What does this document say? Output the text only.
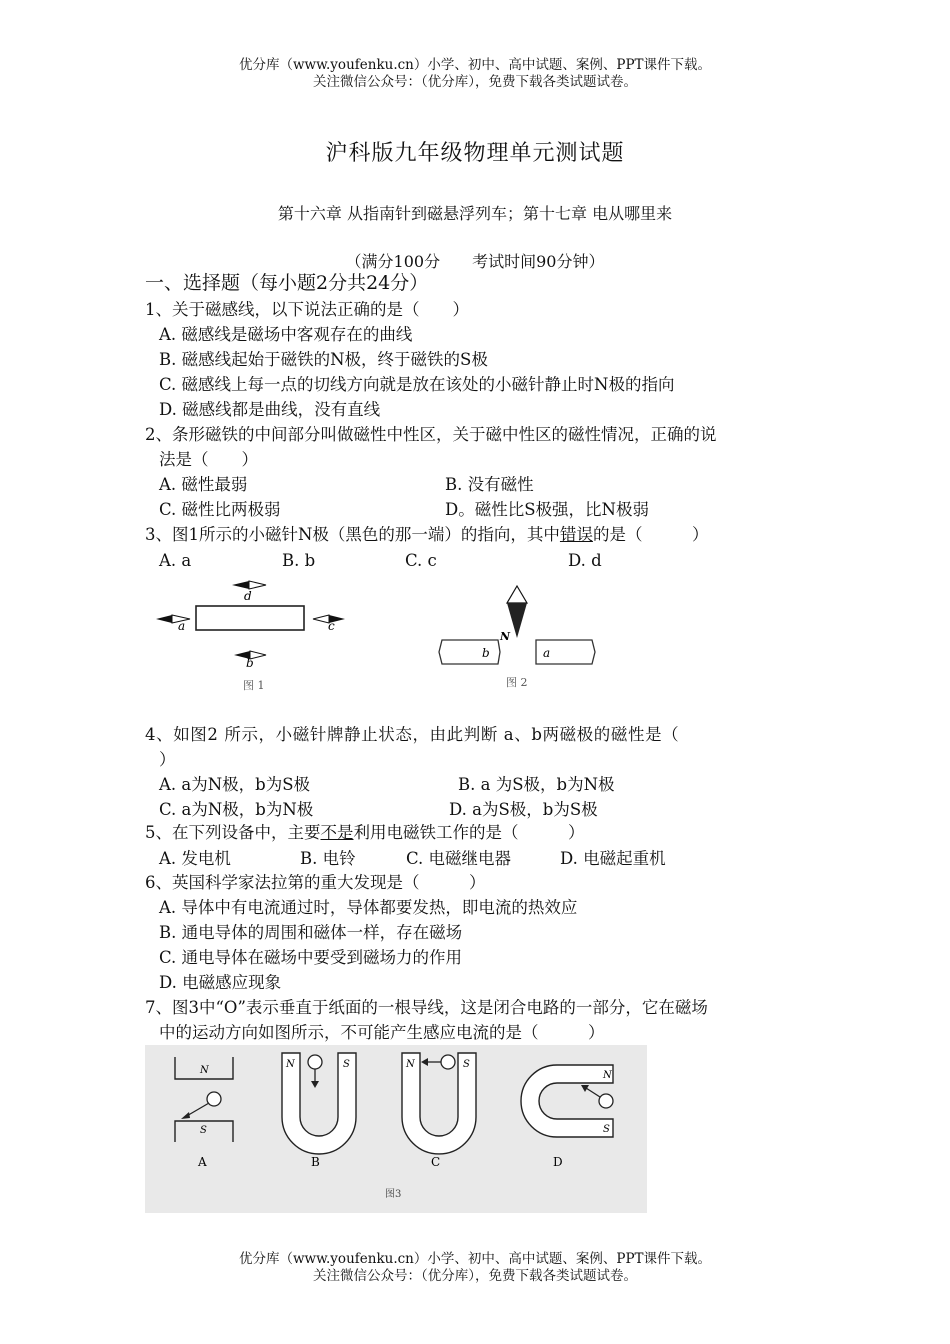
优分库（www.youfenku.cn）小学、初中、高中试题、案例、PPT课件下载。
关注微信公众号：（优分库），免费下载各类试题试卷。
沪科版九年级物理单元测试题
第十六章 从指南针到磁悬浮列车；第十七章 电从哪里来
（满分100分　　考试时间90分钟）
一、选择题（每小题2分共24分）
1、关于磁感线，以下说法正确的是（　　）
A. 磁感线是磁场中客观存在的曲线
B. 磁感线起始于磁铁的N极，终于磁铁的S极
C. 磁感线上每一点的切线方向就是放在该处的小磁针静止时N极的指向
D. 磁感线都是曲线，没有直线
2、条形磁铁的中间部分叫做磁性中性区，关于磁中性区的磁性情况，正确的说
法是（　　）
A. 磁性最弱	B. 没有磁性
C. 磁性比两极弱	D。磁性比S极强，比N极弱
3、图1所示的小磁针N极（黑色的那一端）的指向，其中错误的是（　　　）
A. a	B. b	C. c	D. d
d
a	c
b
图 1
N
b	a
图 2
4、如图2 所示，小磁针牌静止状态，由此判断 a、b两磁极的磁性是（
）
A. a为N极，b为S极	B. a 为S极，b为N极
C. a为N极，b为N极	D. a为S极，b为S极
5、在下列设备中，主要不是利用电磁铁工作的是（　　　）
A. 发电机	B. 电铃	C. 电磁继电器	D. 电磁起重机
6、英国科学家法拉第的重大发现是（　　　）
A. 导体中有电流通过时，导体都要发热，即电流的热效应
B. 通电导体的周围和磁体一样，存在磁场
C. 通电导体在磁场中要受到磁场力的作用
D. 电磁感应现象
7、图3中“O”表示垂直于纸面的一根导线，这是闭合电路的一部分，它在磁场
中的运动方向如图所示，不可能产生感应电流的是（　　　）
N
S
A
N	S
B
N	S
C
N
S
D
图3
优分库（www.youfenku.cn）小学、初中、高中试题、案例、PPT课件下载。
关注微信公众号：（优分库），免费下载各类试题试卷。
